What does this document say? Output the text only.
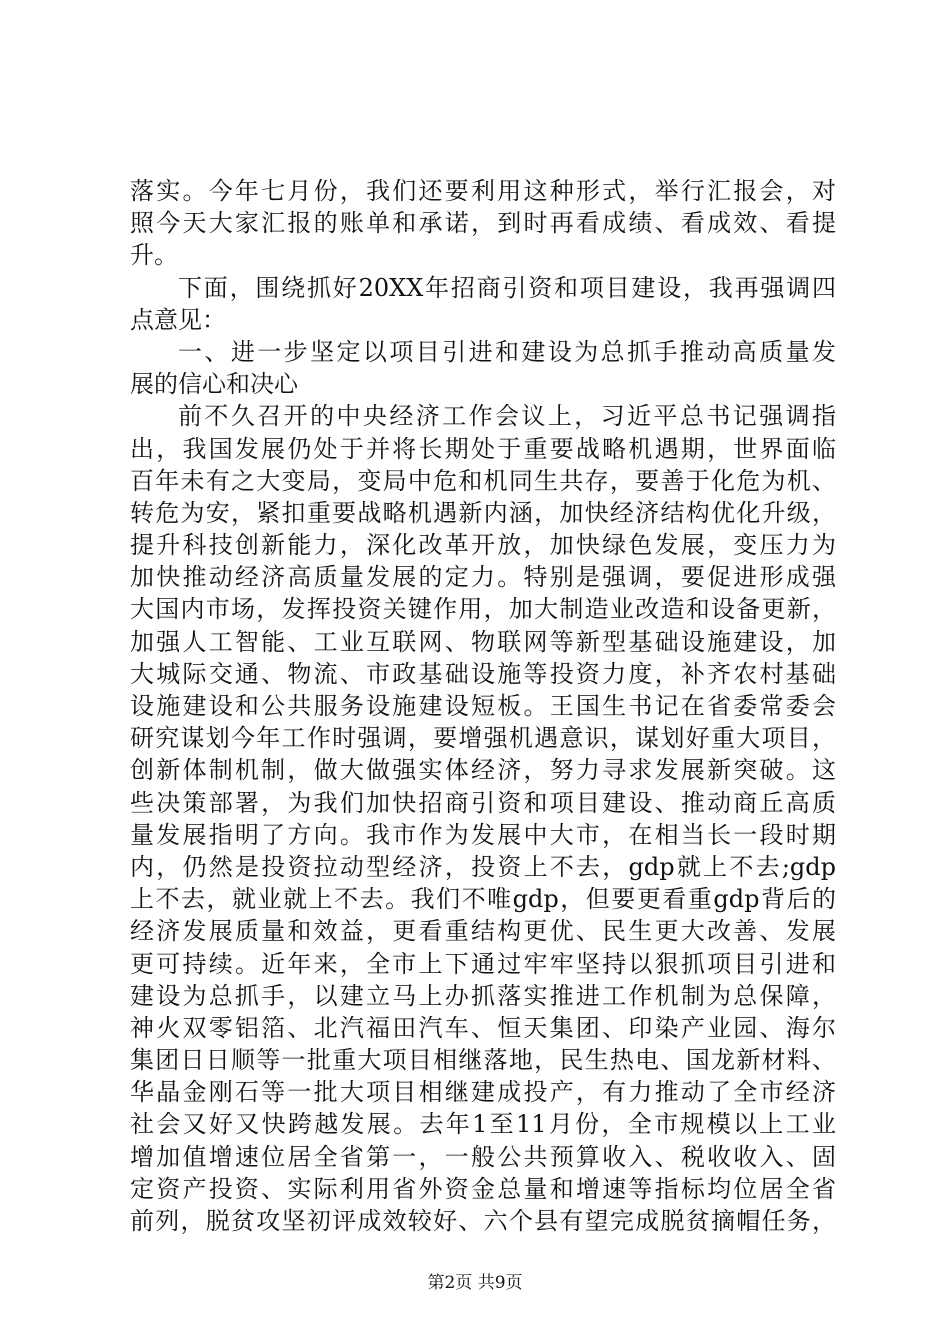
落实。今年七月份，我们还要利用这种形式，举行汇报会，对
照今天大家汇报的账单和承诺，到时再看成绩、看成效、看提
升。
下面，围绕抓好20XX年招商引资和项目建设，我再强调四
点意见：
一、进一步坚定以项目引进和建设为总抓手推动高质量发
展的信心和决心
前不久召开的中央经济工作会议上，习近平总书记强调指
出，我国发展仍处于并将长期处于重要战略机遇期，世界面临
百年未有之大变局，变局中危和机同生共存，要善于化危为机、
转危为安，紧扣重要战略机遇新内涵，加快经济结构优化升级，
提升科技创新能力，深化改革开放，加快绿色发展，变压力为
加快推动经济高质量发展的定力。特别是强调，要促进形成强
大国内市场，发挥投资关键作用，加大制造业改造和设备更新，
加强人工智能、工业互联网、物联网等新型基础设施建设，加
大城际交通、物流、市政基础设施等投资力度，补齐农村基础
设施建设和公共服务设施建设短板。王国生书记在省委常委会
研究谋划今年工作时强调，要增强机遇意识，谋划好重大项目，
创新体制机制，做大做强实体经济，努力寻求发展新突破。这
些决策部署，为我们加快招商引资和项目建设、推动商丘高质
量发展指明了方向。我市作为发展中大市，在相当长一段时期
内，仍然是投资拉动型经济，投资上不去，gdp就上不去;gdp
上不去，就业就上不去。我们不唯gdp，但要更看重gdp背后的
经济发展质量和效益，更看重结构更优、民生更大改善、发展
更可持续。近年来，全市上下通过牢牢坚持以狠抓项目引进和
建设为总抓手，以建立马上办抓落实推进工作机制为总保障，
神火双零铝箔、北汽福田汽车、恒天集团、印染产业园、海尔
集团日日顺等一批重大项目相继落地，民生热电、国龙新材料、
华晶金刚石等一批大项目相继建成投产，有力推动了全市经济
社会又好又快跨越发展。去年1至11月份，全市规模以上工业
增加值增速位居全省第一，一般公共预算收入、税收收入、固
定资产投资、实际利用省外资金总量和增速等指标均位居全省
前列，脱贫攻坚初评成效较好、六个县有望完成脱贫摘帽任务，
第2页 共9页
